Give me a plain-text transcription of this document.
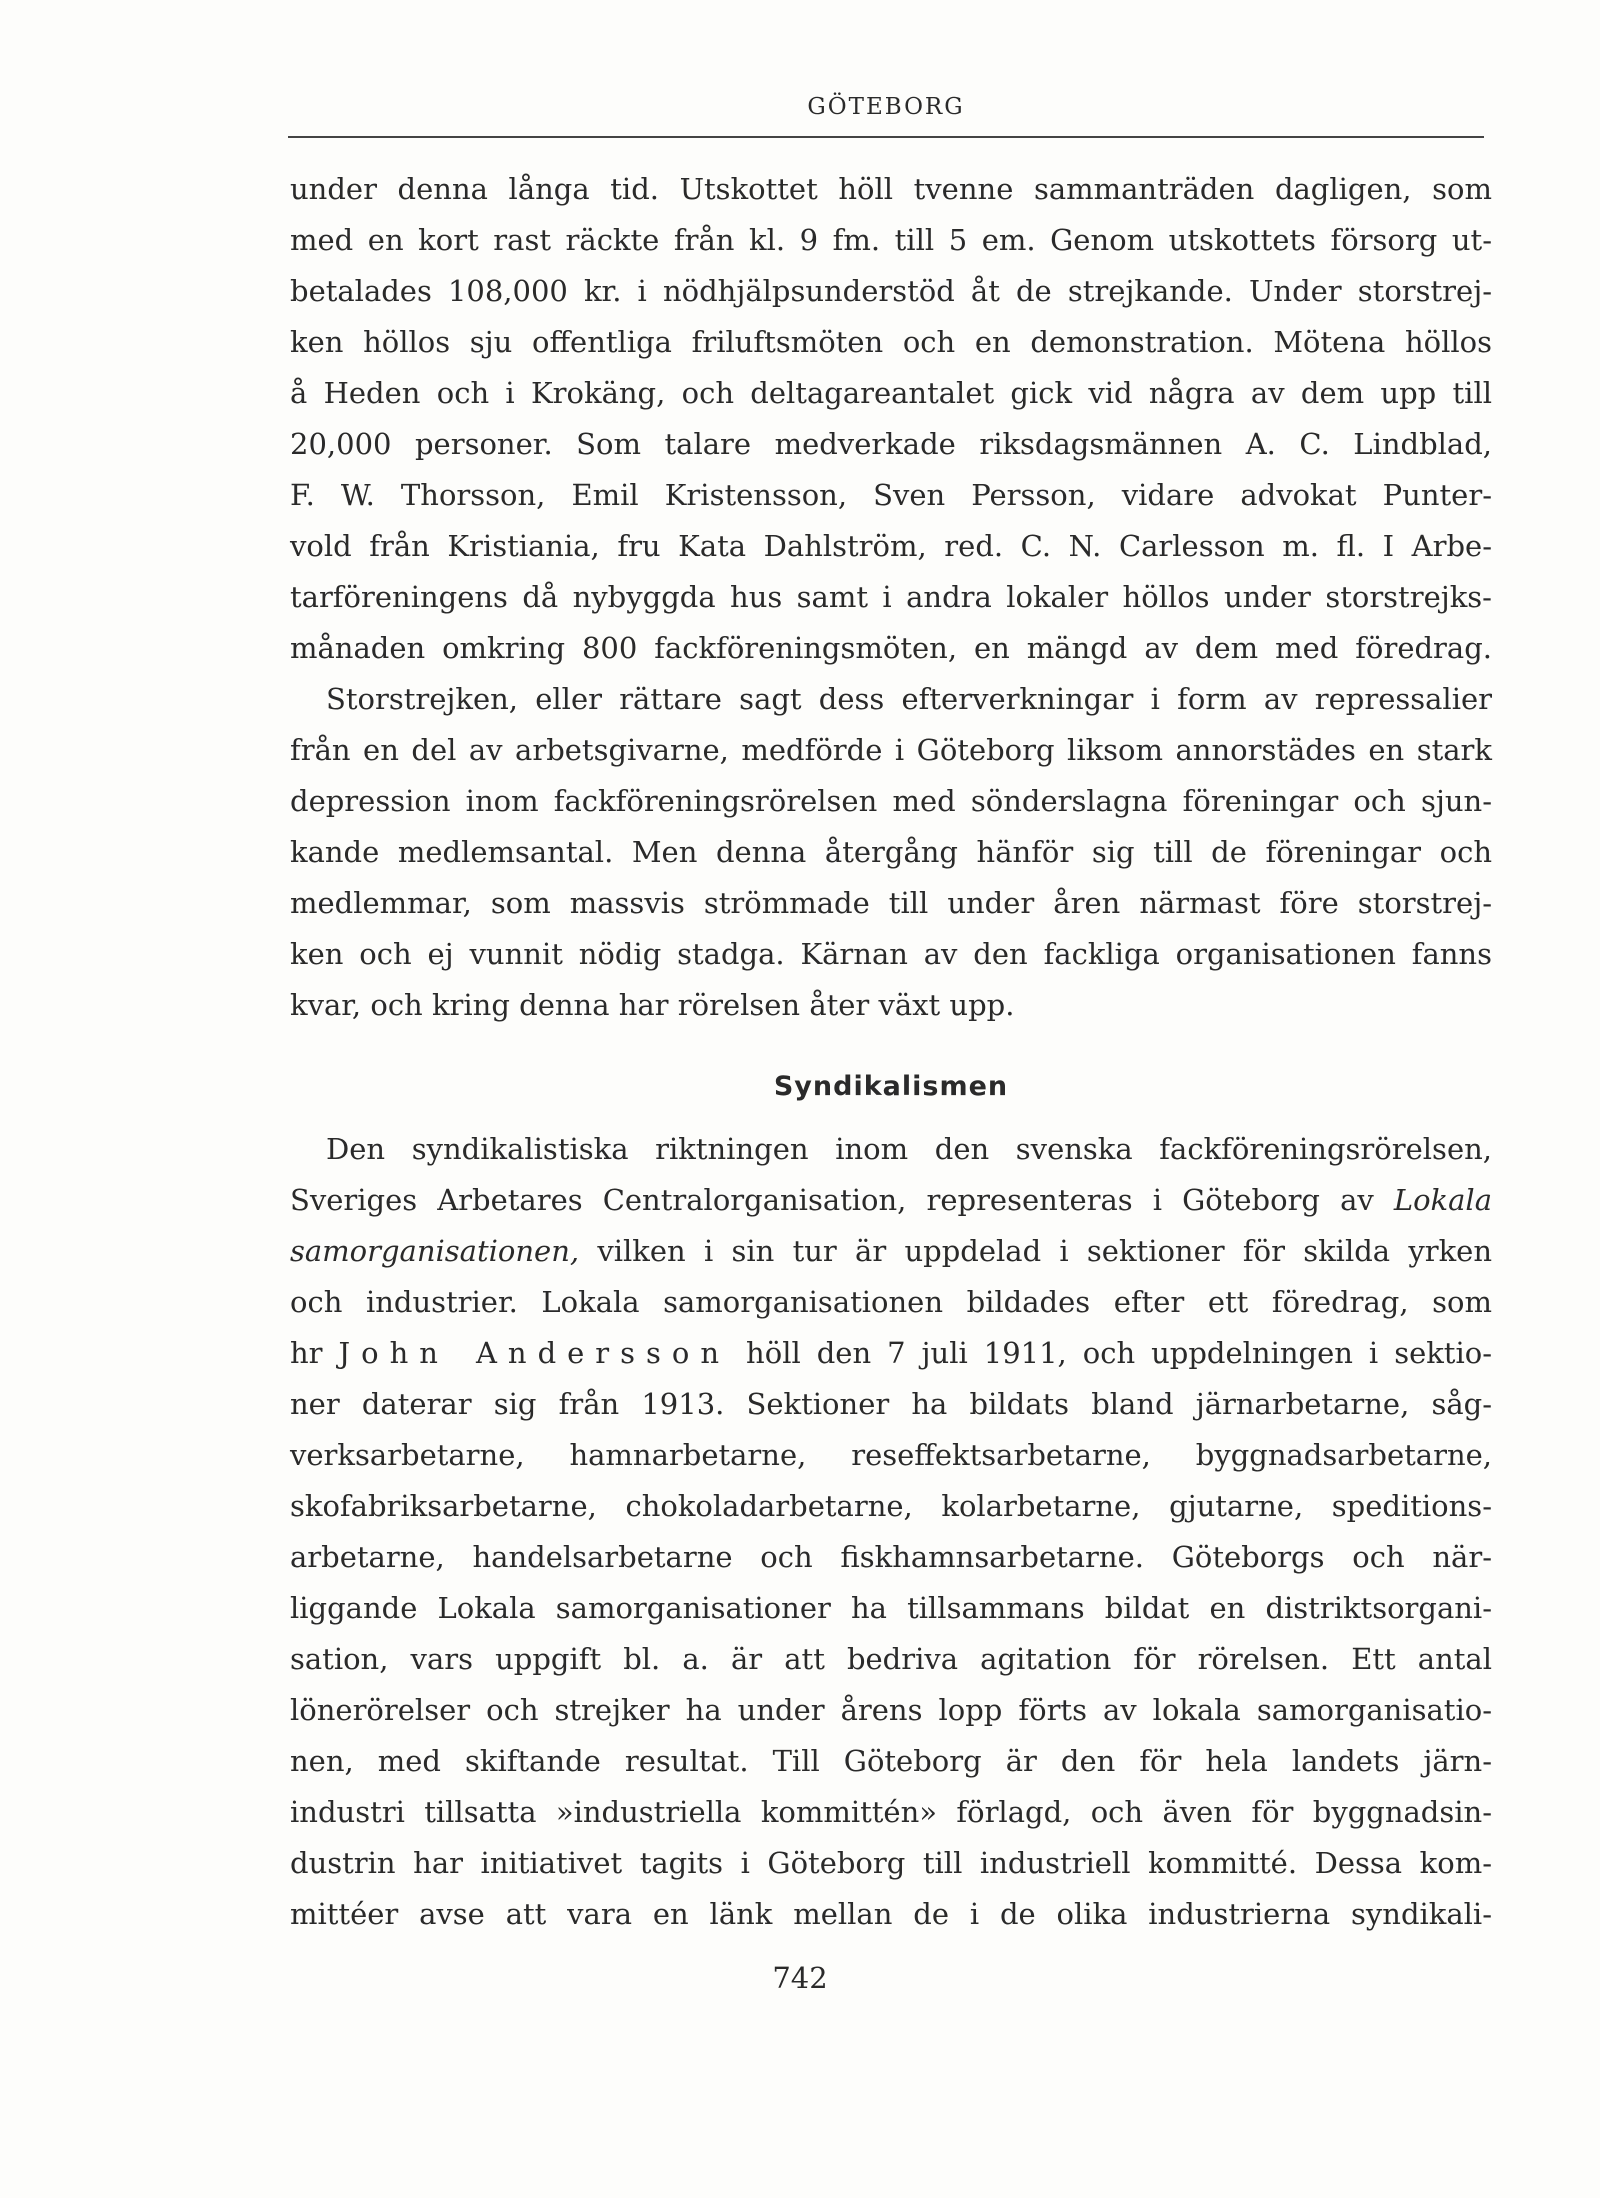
GÖTEBORG
under denna långa tid. Utskottet höll tvenne sammanträden dagligen, som
med en kort rast räckte från kl. 9 fm. till 5 em. Genom utskottets försorg ut-
betalades 108,000 kr. i nödhjälpsunderstöd åt de strejkande. Under storstrej-
ken höllos sju offentliga friluftsmöten och en demonstration. Mötena höllos
å Heden och i Krokäng, och deltagareantalet gick vid några av dem upp till
20,000 personer. Som talare medverkade riksdagsmännen A. C. Lindblad,
F. W. Thorsson, Emil Kristensson, Sven Persson, vidare advokat Punter-
vold från Kristiania, fru Kata Dahlström, red. C. N. Carlesson m. fl. I Arbe-
tarföreningens då nybyggda hus samt i andra lokaler höllos under storstrejks-
månaden omkring 800 fackföreningsmöten, en mängd av dem med föredrag.
Storstrejken, eller rättare sagt dess efterverkningar i form av repressalier
från en del av arbetsgivarne, medförde i Göteborg liksom annorstädes en stark
depression inom fackföreningsrörelsen med sönderslagna föreningar och sjun-
kande medlemsantal. Men denna återgång hänför sig till de föreningar och
medlemmar, som massvis strömmade till under åren närmast före storstrej-
ken och ej vunnit nödig stadga. Kärnan av den fackliga organisationen fanns
kvar, och kring denna har rörelsen åter växt upp.
Syndikalismen
Den syndikalistiska riktningen inom den svenska fackföreningsrörelsen,
Sveriges Arbetares Centralorganisation, representeras i Göteborg av Lokala
samorganisationen, vilken i sin tur är uppdelad i sektioner för skilda yrken
och industrier. Lokala samorganisationen bildades efter ett föredrag, som
hr John Andersson höll den 7 juli 1911, och uppdelningen i sektio-
ner daterar sig från 1913. Sektioner ha bildats bland järnarbetarne, såg-
verksarbetarne, hamnarbetarne, reseffektsarbetarne, byggnadsarbetarne,
skofabriksarbetarne, chokoladarbetarne, kolarbetarne, gjutarne, speditions-
arbetarne, handelsarbetarne och fiskhamnsarbetarne. Göteborgs och när-
liggande Lokala samorganisationer ha tillsammans bildat en distriktsorgani-
sation, vars uppgift bl. a. är att bedriva agitation för rörelsen. Ett antal
lönerörelser och strejker ha under årens lopp förts av lokala samorganisatio-
nen, med skiftande resultat. Till Göteborg är den för hela landets järn-
industri tillsatta »industriella kommittén» förlagd, och även för byggnadsin-
dustrin har initiativet tagits i Göteborg till industriell kommitté. Dessa kom-
mittéer avse att vara en länk mellan de i de olika industrierna syndikali-
742
